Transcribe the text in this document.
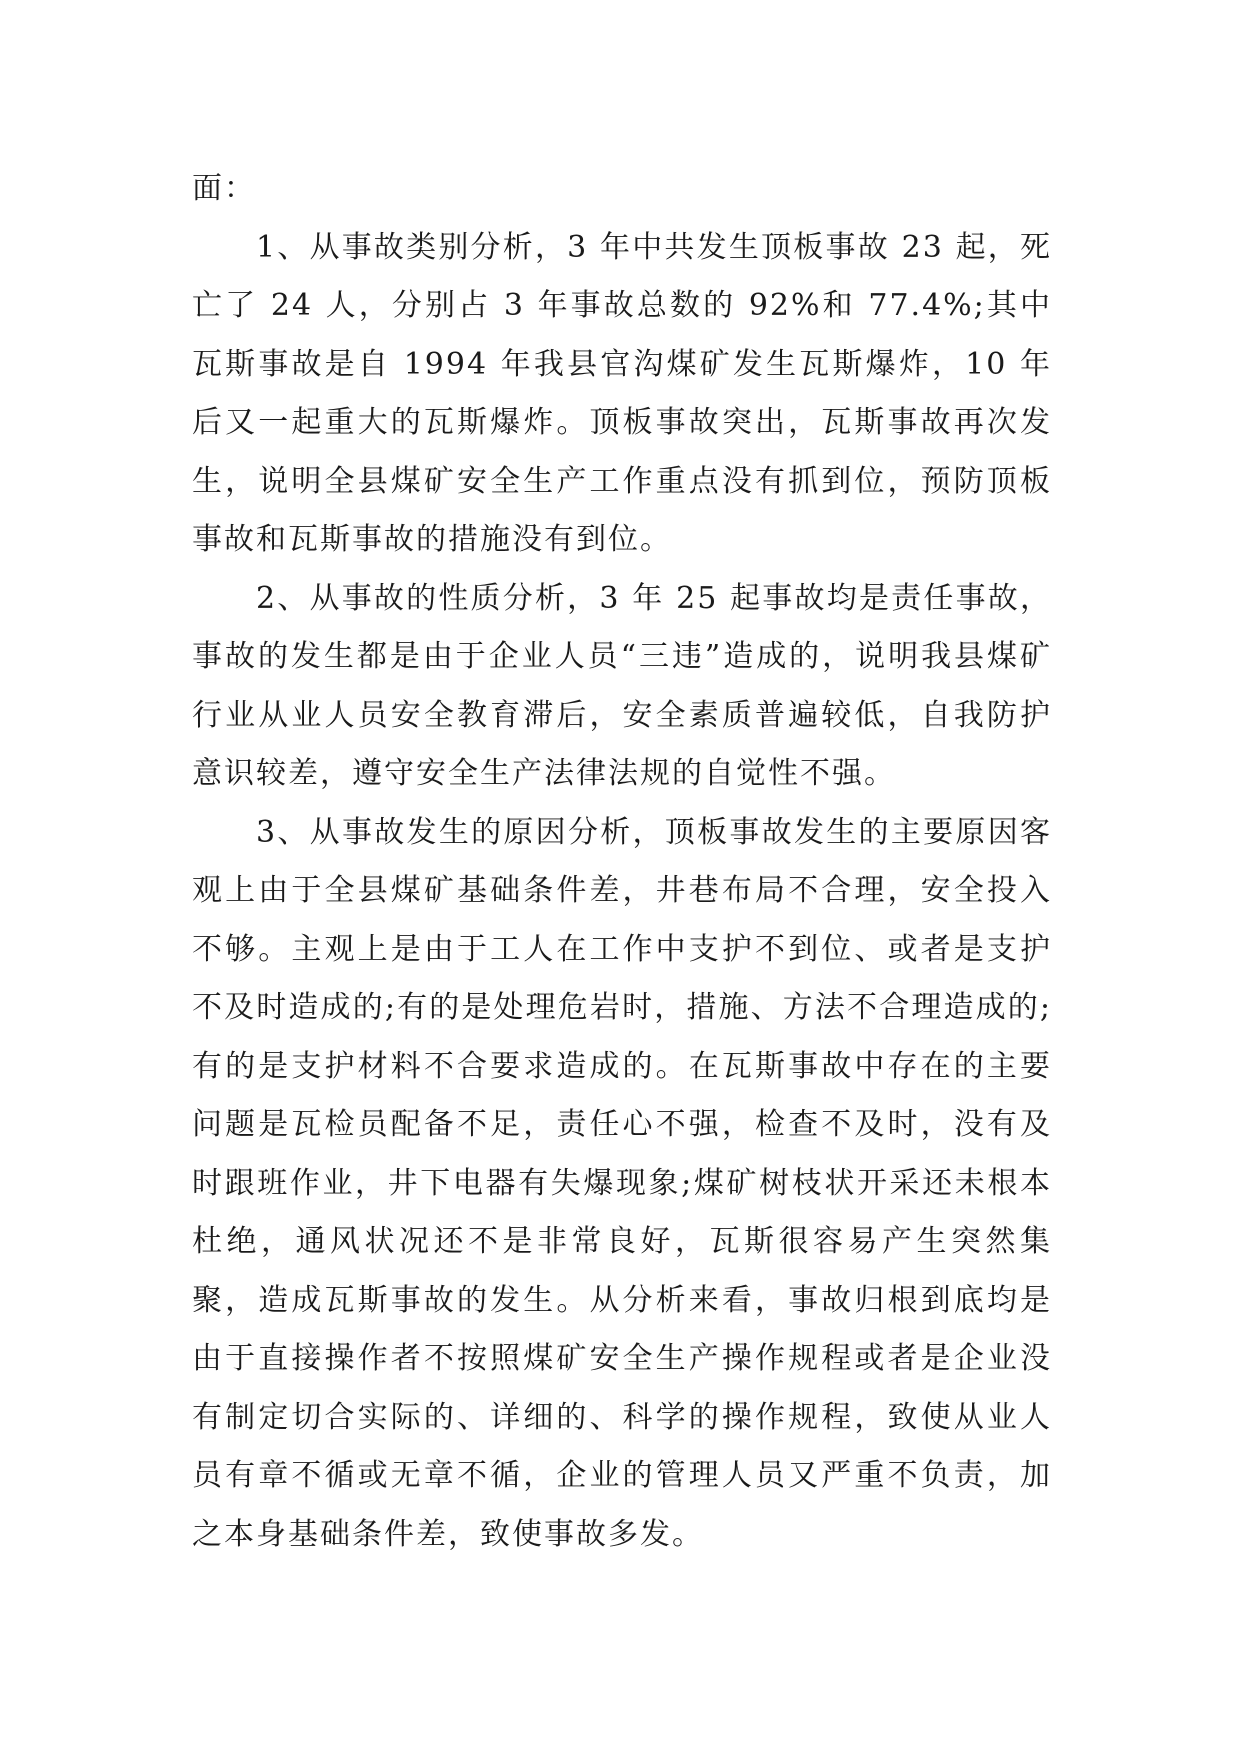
面：

1、从事故类别分析，3 年中共发生顶板事故 23 起，死亡了 24 人，分别占 3 年事故总数的 92%和 77.4%;其中瓦斯事故是自 1994 年我县官沟煤矿发生瓦斯爆炸，10 年后又一起重大的瓦斯爆炸。顶板事故突出，瓦斯事故再次发生，说明全县煤矿安全生产工作重点没有抓到位，预防顶板事故和瓦斯事故的措施没有到位。

2、从事故的性质分析，3 年 25 起事故均是责任事故，事故的发生都是由于企业人员“三违”造成的，说明我县煤矿行业从业人员安全教育滞后，安全素质普遍较低，自我防护意识较差，遵守安全生产法律法规的自觉性不强。

3、从事故发生的原因分析，顶板事故发生的主要原因客观上由于全县煤矿基础条件差，井巷布局不合理，安全投入不够。主观上是由于工人在工作中支护不到位、或者是支护不及时造成的;有的是处理危岩时，措施、方法不合理造成的;有的是支护材料不合要求造成的。在瓦斯事故中存在的主要问题是瓦检员配备不足，责任心不强，检查不及时，没有及时跟班作业，井下电器有失爆现象;煤矿树枝状开采还未根本杜绝，通风状况还不是非常良好，瓦斯很容易产生突然集聚，造成瓦斯事故的发生。从分析来看，事故归根到底均是由于直接操作者不按照煤矿安全生产操作规程或者是企业没有制定切合实际的、详细的、科学的操作规程，致使从业人员有章不循或无章不循，企业的管理人员又严重不负责，加之本身基础条件差，致使事故多发。
